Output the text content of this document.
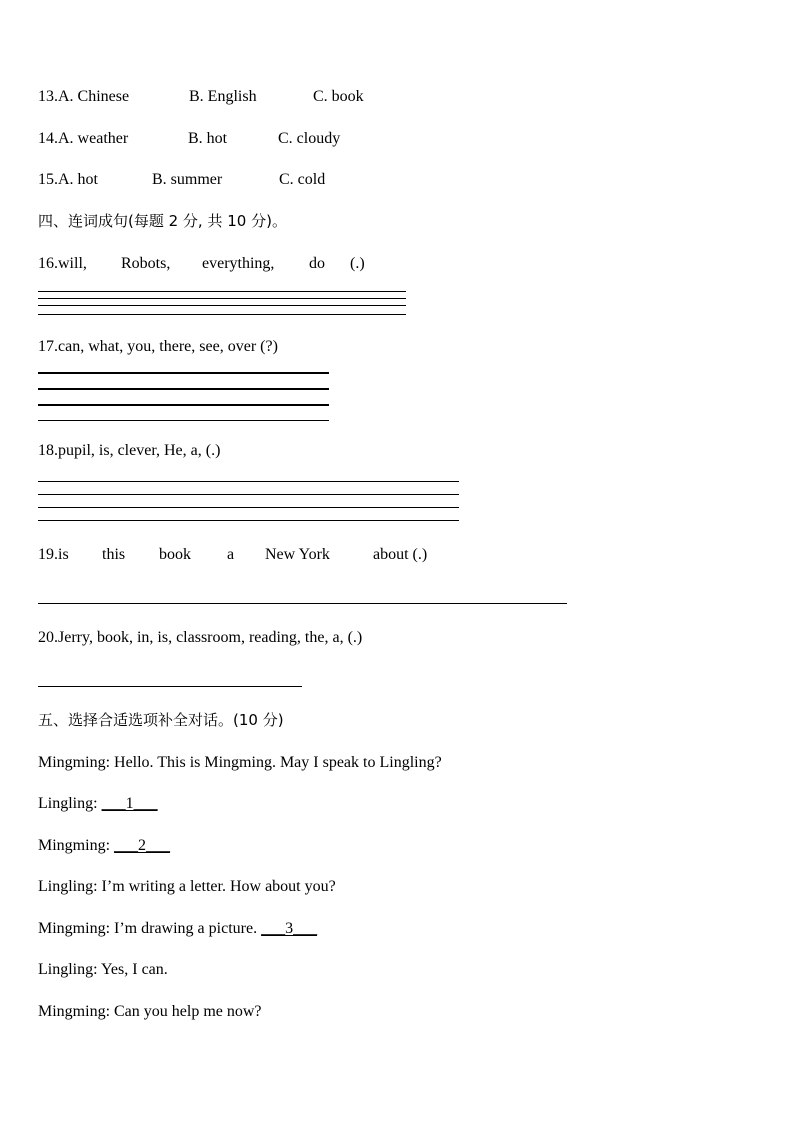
13.A. Chinese	B. English	C. book
14.A. weather	B. hot	C. cloudy
15.A. hot	B. summer	C. cold
四、连词成句(每题 2 分, 共 10 分)。
16.will, Robots, everything, do (.)
17.can, what, you, there, see, over (?)
18.pupil, is, clever, He, a, (.)
19.is this book a New York	about (.)
20.Jerry, book, in, is, classroom, reading, the, a, (.)
五、选择合适选项补全对话。(10 分)
Mingming: Hello. This is Mingming. May I speak to Lingling?
Lingling: ___1___
Mingming: ___2___
Lingling: I’m writing a letter. How about you?
Mingming: I’m drawing a picture. ___3___
Lingling: Yes, I can.
Mingming: Can you help me now?
